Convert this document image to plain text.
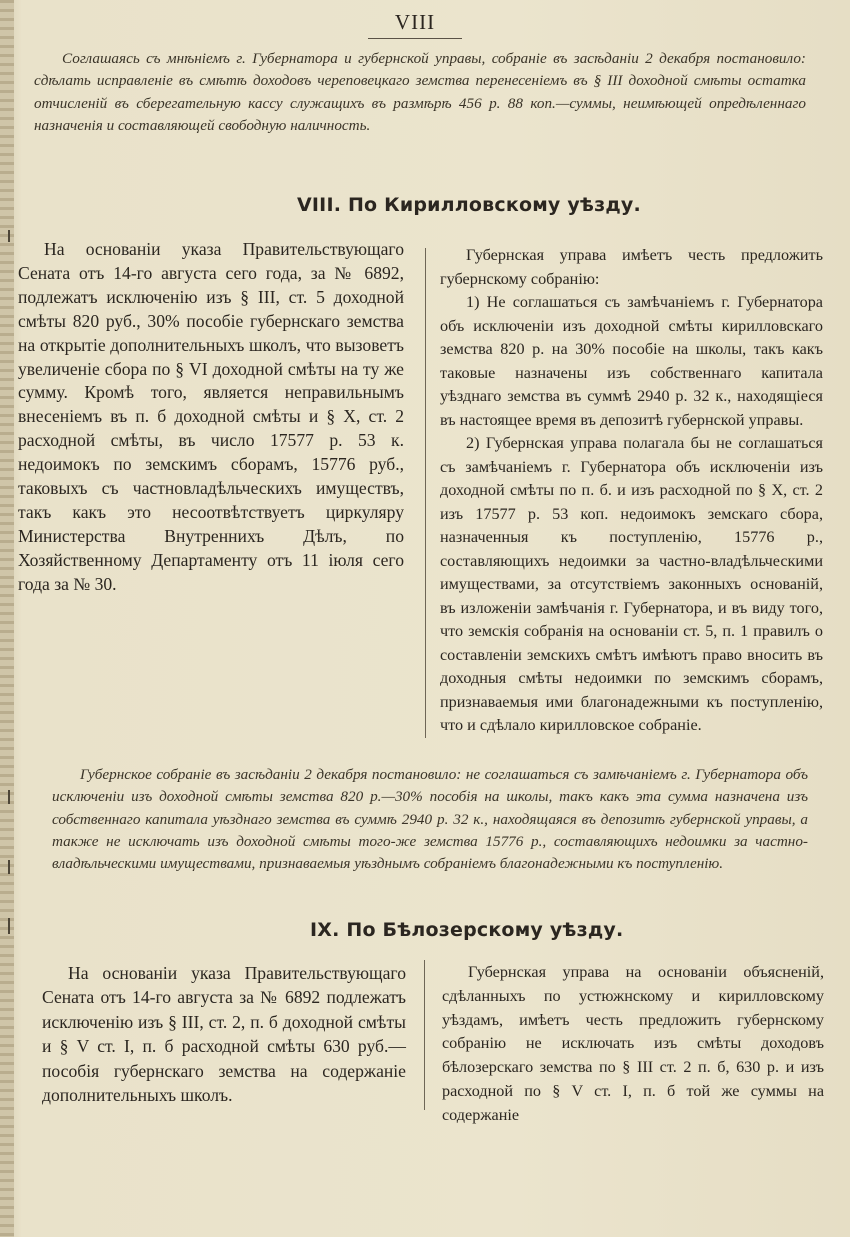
VIII
Соглашаясь съ мнѣніемъ г. Губернатора и губернской управы, собраніе въ засѣданіи 2 декабря постановило: сдѣлать исправленіе въ смѣтѣ доходовъ череповецкаго земства перенесеніемъ въ § III доходной смѣты остатка отчисленій въ сберегательную кассу служащихъ въ размѣрѣ 456 р. 88 коп.—суммы, неимѣющей опредѣленнаго назначенія и составляющей свободную наличность.
VIII. По Кирилловскому уѣзду.

На основаніи указа Правительствующаго Сената отъ 14-го августа сего года, за № 6892, подлежатъ исключенію изъ § III, ст. 5 доходной смѣты 820 руб., 30% пособіе губернскаго земства на открытіе дополнительныхъ школъ, что вызоветъ увеличеніе сбора по § VI доходной смѣты на ту же сумму. Кромѣ того, является неправильнымъ внесеніемъ въ п. б доходной смѣты и § X, ст. 2 расходной смѣты, въ число 17577 р. 53 к. недоимокъ по земскимъ сборамъ, 15776 руб., таковыхъ съ частновладѣльческихъ имуществъ, такъ какъ это несоотвѣтствуетъ циркуляру Министерства Внутреннихъ Дѣлъ, по Хозяйственному Департаменту отъ 11 іюля сего года за № 30.

Губернская управа имѣетъ честь предложить губернскому собранію:

1) Не соглашаться съ замѣчаніемъ г. Губернатора объ исключеніи изъ доходной смѣты кирилловскаго земства 820 р. на 30% пособіе на школы, такъ какъ таковые назначены изъ собственнаго капитала уѣзднаго земства въ суммѣ 2940 р. 32 к., находящіеся въ настоящее время въ депозитѣ губернской управы.

2) Губернская управа полагала бы не соглашаться съ замѣчаніемъ г. Губернатора объ исключеніи изъ доходной смѣты по п. б. и изъ расходной по § X, ст. 2 изъ 17577 р. 53 коп. недоимокъ земскаго сбора, назначенныя къ поступленію, 15776 р., составляющихъ недоимки за частно-владѣльческими имуществами, за отсутствіемъ законныхъ основаній, въ изложеніи замѣчанія г. Губернатора, и въ виду того, что земскія собранія на основаніи ст. 5, п. 1 правилъ о составленіи земскихъ смѣтъ имѣютъ право вносить въ доходныя смѣты недоимки по земскимъ сборамъ, признаваемыя ими благонадежными къ поступленію, что и сдѣлало кирилловское собраніе.

Губернское собраніе въ засѣданіи 2 декабря постановило: не соглашаться съ замѣчаніемъ г. Губернатора объ исключеніи изъ доходной смѣты земства 820 р.—30% пособія на школы, такъ какъ эта сумма назначена изъ собственнаго капитала уѣзднаго земства въ суммѣ 2940 р. 32 к., находящаяся въ депозитѣ губернской управы, а также не исключать изъ доходной смѣты того-же земства 15776 р., составляющихъ недоимки за частно-владѣльческими имуществами, признаваемыя уѣзднымъ собраніемъ благонадежными къ поступленію.
IX. По Бѣлозерскому уѣзду.

На основаніи указа Правительствующаго Сената отъ 14-го августа за № 6892 подлежатъ исключенію изъ § III, ст. 2, п. б доходной смѣты и § V ст. I, п. б расходной смѣты 630 руб.—пособія губернскаго земства на содержаніе дополнительныхъ школъ.

Губернская управа на основаніи объясненій, сдѣланныхъ по устюжнскому и кирилловскому уѣздамъ, имѣетъ честь предложить губернскому собранію не исключать изъ смѣты доходовъ бѣлозерскаго земства по § III ст. 2 п. б, 630 р. и изъ расходной по § V ст. I, п. б той же суммы на содержаніе
